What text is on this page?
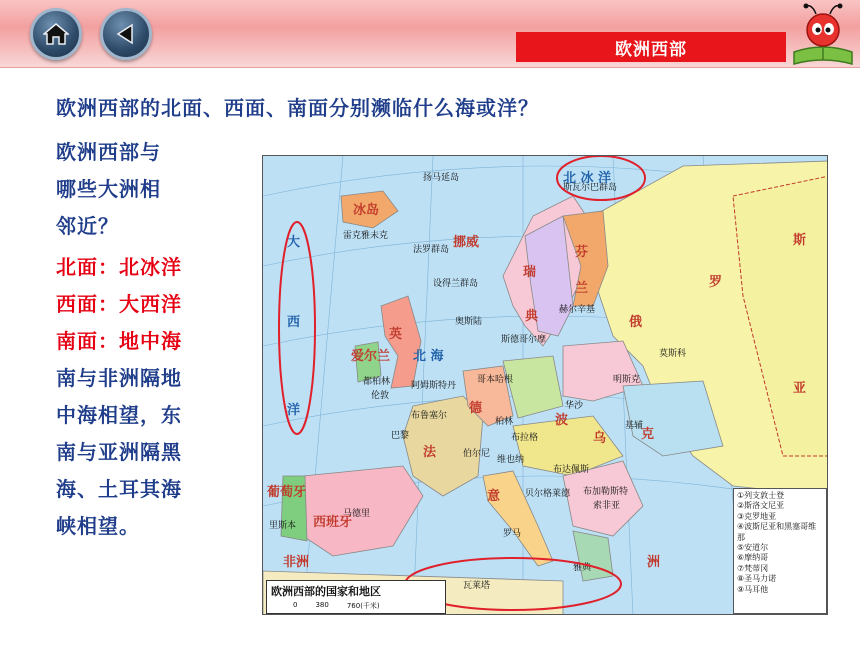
欧洲西部
欧洲西部的北面、西面、南面分别濒临什么海或洋？

欧洲西部与

哪些大洲相

邻近？

北面：北冰洋

西面：大西洋

南面：地中海

南与非洲隔地

中海相望，东

南与亚洲隔黑

海、土耳其海

峡相望。

斯瓦尔巴群岛
扬马延岛
雷克雅未克
法罗群岛
设得兰群岛
奥斯陆
斯德哥尔摩
赫尔辛基
莫斯科
明斯克
基辅
都柏林
伦敦
巴黎
阿姆斯特丹
布鲁塞尔
哥本哈根
柏林
华沙
布拉格
伯尔尼
维也纳
布达佩斯
布加勒斯特
贝尔格莱德
索非亚
罗马
雅典
瓦莱塔
马德里
里斯本
北 冰 洋
大
西
洋
北 海
冰岛
挪威
瑞
典
芬
兰
俄
罗
斯
亚
英
爱尔兰
法
德
波
乌	克
西班牙
葡萄牙	意
非洲	洲
欧洲西部的国家和地区
0	380	760(千米)
①列支敦士登
②斯洛文尼亚
③克罗地亚
④波斯尼亚和黑塞哥维那
⑤安道尔
⑥摩纳哥
⑦梵蒂冈
⑧圣马力诺
⑨马耳他
